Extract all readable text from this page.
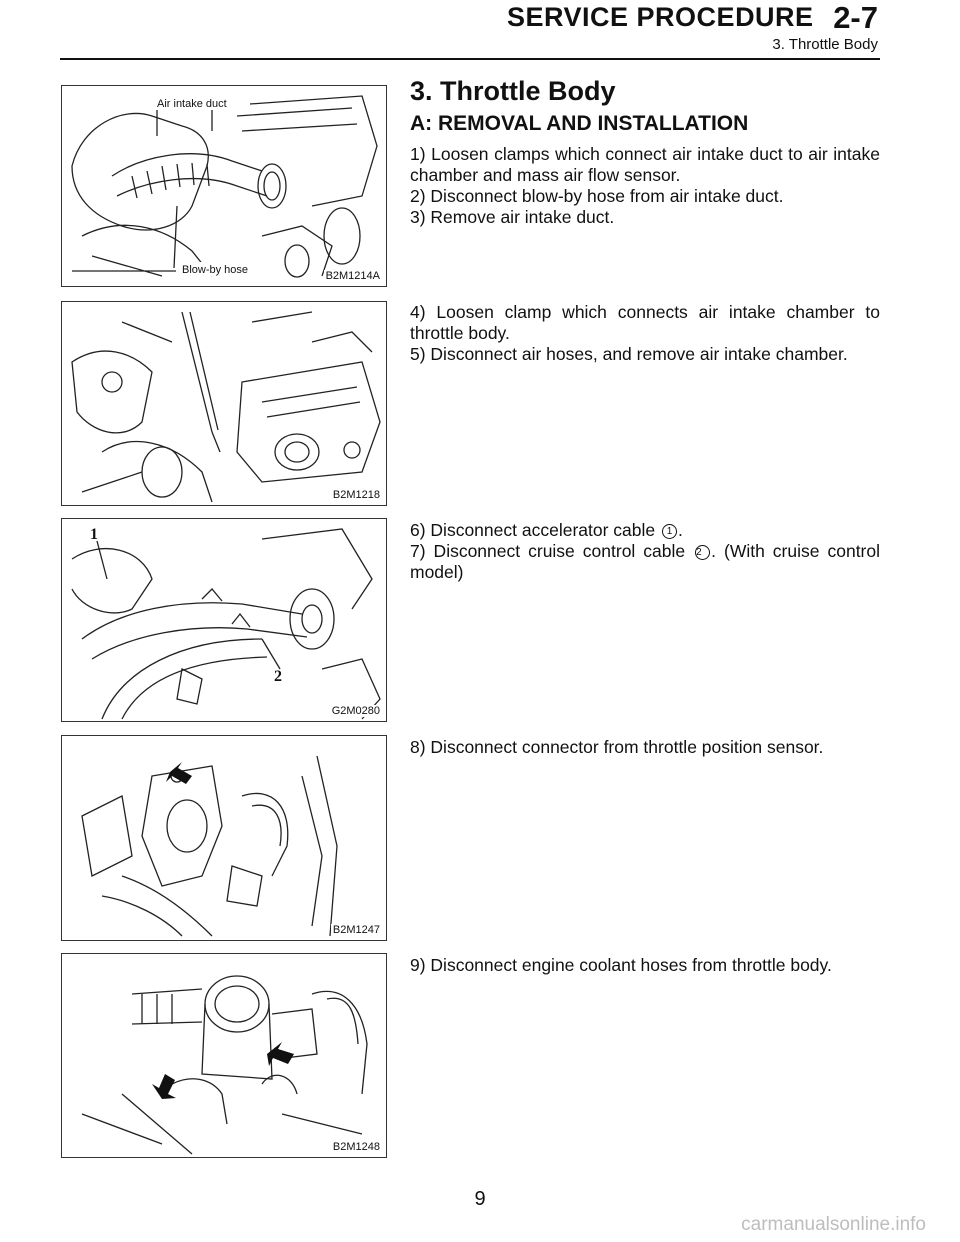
SERVICE PROCEDURE 2-7
3. Throttle Body
Air intake duct
Blow-by hose	B2M1214A
B2M1218
1
2
G2M0280
B2M1247
B2M1248
3. Throttle Body
A: REMOVAL AND INSTALLATION

1) Loosen clamps which connect air intake duct to air intake chamber and mass air flow sensor.

2) Disconnect blow-by hose from air intake duct.

3) Remove air intake duct.

4) Loosen clamp which connects air intake chamber to throttle body.

5) Disconnect air hoses, and remove air intake chamber.

6) Disconnect accelerator cable 1 .

7) Disconnect cruise control cable 2 . (With cruise control model)

8) Disconnect connector from throttle position sensor.

9) Disconnect engine coolant hoses from throttle body.

9
carmanualsonline.info
